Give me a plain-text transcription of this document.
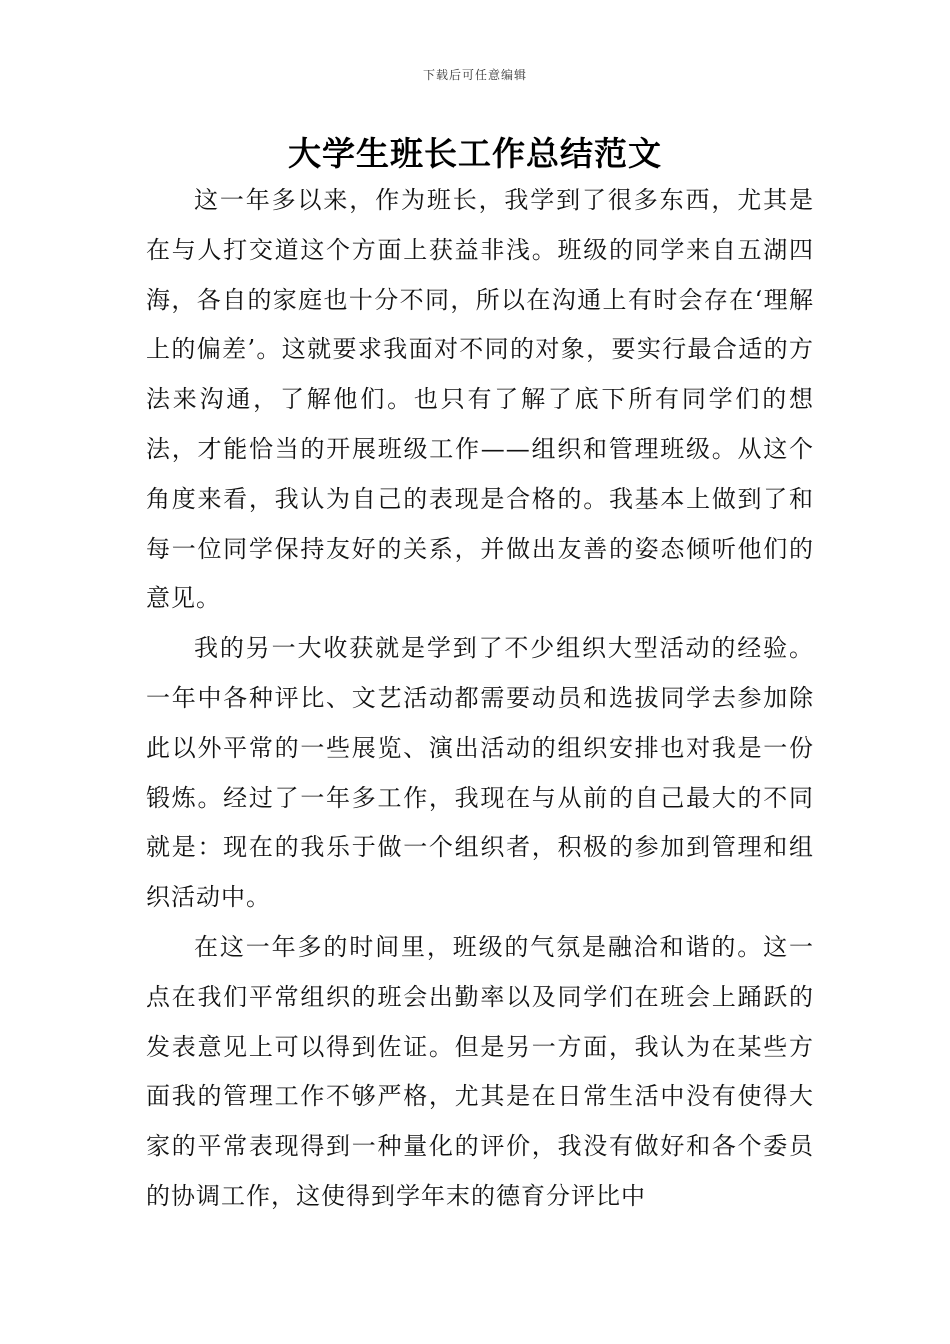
下载后可任意编辑
大学生班长工作总结范文

这一年多以来，作为班长，我学到了很多东西，尤其是在与人打交道这个方面上获益非浅。班级的同学来自五湖四海，各自的家庭也十分不同，所以在沟通上有时会存在‘理解上的偏差’。这就要求我面对不同的对象，要实行最合适的方法来沟通，了解他们。也只有了解了底下所有同学们的想法，才能恰当的开展班级工作——组织和管理班级。从这个角度来看，我认为自己的表现是合格的。我基本上做到了和每一位同学保持友好的关系，并做出友善的姿态倾听他们的意见。

我的另一大收获就是学到了不少组织大型活动的经验。一年中各种评比、文艺活动都需要动员和选拔同学去参加除此以外平常的一些展览、演出活动的组织安排也对我是一份锻炼。经过了一年多工作，我现在与从前的自己最大的不同就是：现在的我乐于做一个组织者，积极的参加到管理和组织活动中。

在这一年多的时间里，班级的气氛是融洽和谐的。这一点在我们平常组织的班会出勤率以及同学们在班会上踊跃的发表意见上可以得到佐证。但是另一方面，我认为在某些方面我的管理工作不够严格，尤其是在日常生活中没有使得大家的平常表现得到一种量化的评价，我没有做好和各个委员的协调工作，这使得到学年末的德育分评比中
